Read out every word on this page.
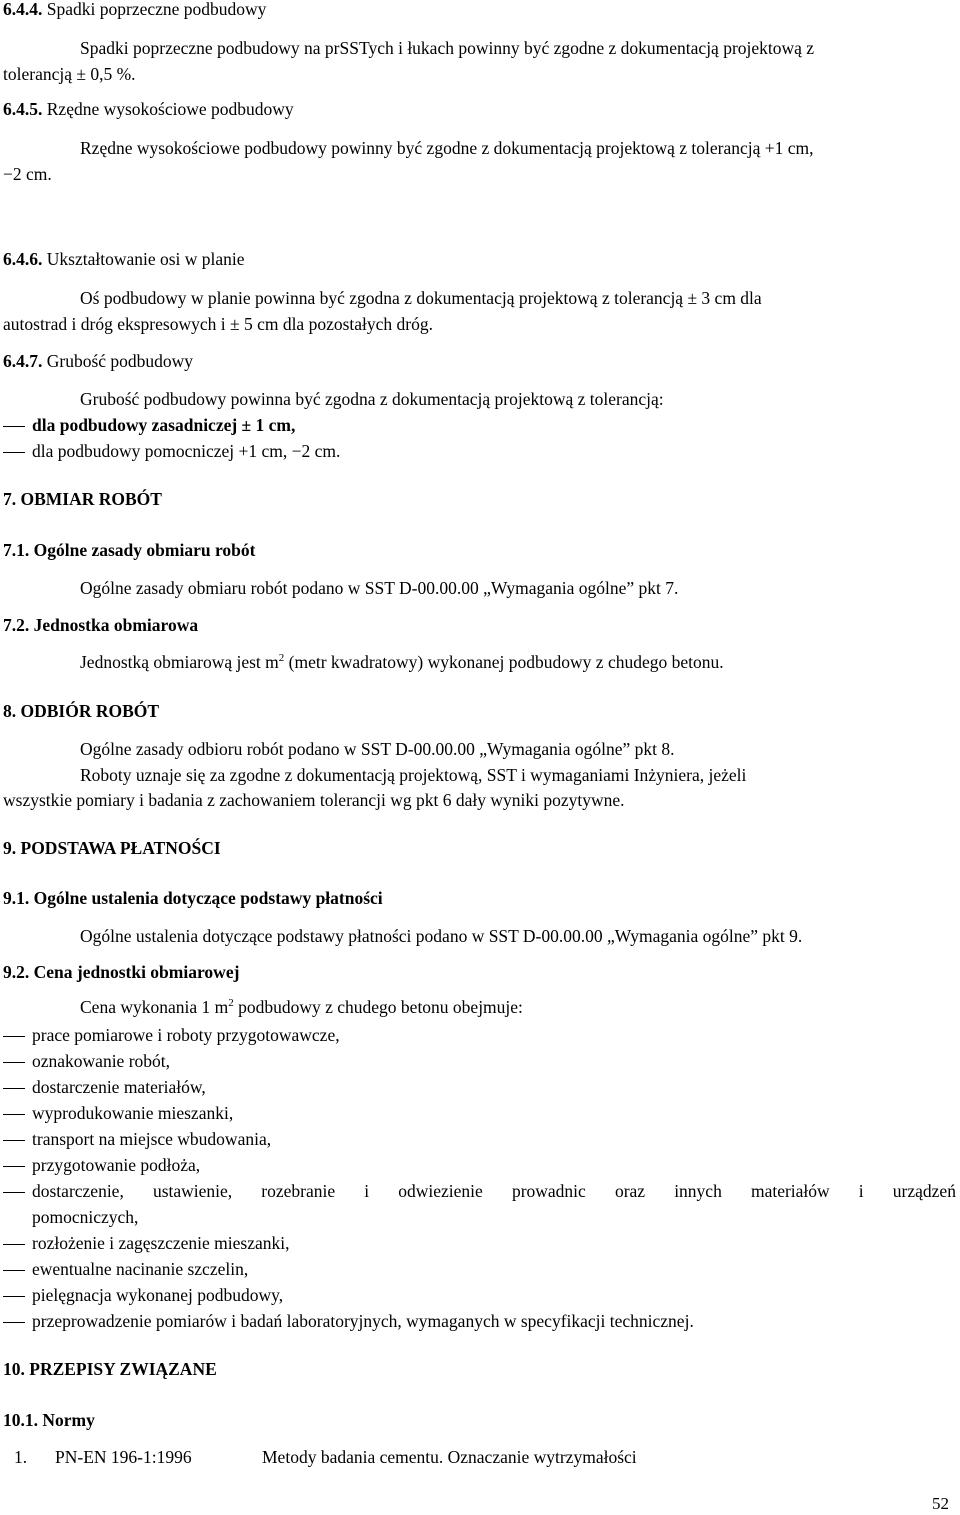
6.4.4. Spadki poprzeczne podbudowy
Spadki poprzeczne podbudowy na prSSTych i łukach powinny być zgodne z dokumentacją projektową z
tolerancją ± 0,5 %.
6.4.5. Rzędne wysokościowe podbudowy
Rzędne wysokościowe podbudowy powinny być zgodne z dokumentacją projektową z tolerancją +1 cm,
−2 cm.
6.4.6. Ukształtowanie osi w planie
Oś podbudowy w planie powinna być zgodna z dokumentacją projektową z tolerancją ± 3 cm dla
autostrad i dróg ekspresowych i ± 5 cm dla pozostałych dróg.
6.4.7. Grubość podbudowy
Grubość podbudowy powinna być zgodna z dokumentacją projektową z tolerancją:
dla podbudowy zasadniczej ± 1 cm,
dla podbudowy pomocniczej +1 cm, −2 cm.
7. OBMIAR ROBÓT
7.1. Ogólne zasady obmiaru robót
Ogólne zasady obmiaru robót podano w SST D-00.00.00 „Wymagania ogólne” pkt 7.
7.2. Jednostka obmiarowa
Jednostką obmiarową jest $m^2$ (metr kwadratowy) wykonanej podbudowy z chudego betonu.
8. ODBIÓR ROBÓT
Ogólne zasady odbioru robót podano w SST D-00.00.00 „Wymagania ogólne” pkt 8.
Roboty uznaje się za zgodne z dokumentacją projektową, SST i wymaganiami Inżyniera, jeżeli
wszystkie pomiary i badania z zachowaniem tolerancji wg pkt 6 dały wyniki pozytywne.
9. PODSTAWA PŁATNOŚCI
9.1. Ogólne ustalenia dotyczące podstawy płatności
Ogólne ustalenia dotyczące podstawy płatności podano w SST D-00.00.00 „Wymagania ogólne” pkt 9.
9.2. Cena jednostki obmiarowej
Cena wykonania 1 $m^2$ podbudowy z chudego betonu obejmuje:
prace pomiarowe i roboty przygotowawcze,
oznakowanie robót,
dostarczenie materiałów,
wyprodukowanie mieszanki,
transport na miejsce wbudowania,
przygotowanie podłoża,
dostarczenie, ustawienie, rozebranie i odwiezienie prowadnic oraz innych materiałów i urządzeń
pomocniczych,
rozłożenie i zagęszczenie mieszanki,
ewentualne nacinanie szczelin,
pielęgnacja wykonanej podbudowy,
przeprowadzenie pomiarów i badań laboratoryjnych, wymaganych w specyfikacji technicznej.
10. PRZEPISY ZWIĄZANE
10.1. Normy
1. PN-EN 196-1:1996	Metody badania cementu. Oznaczanie wytrzymałości
52
